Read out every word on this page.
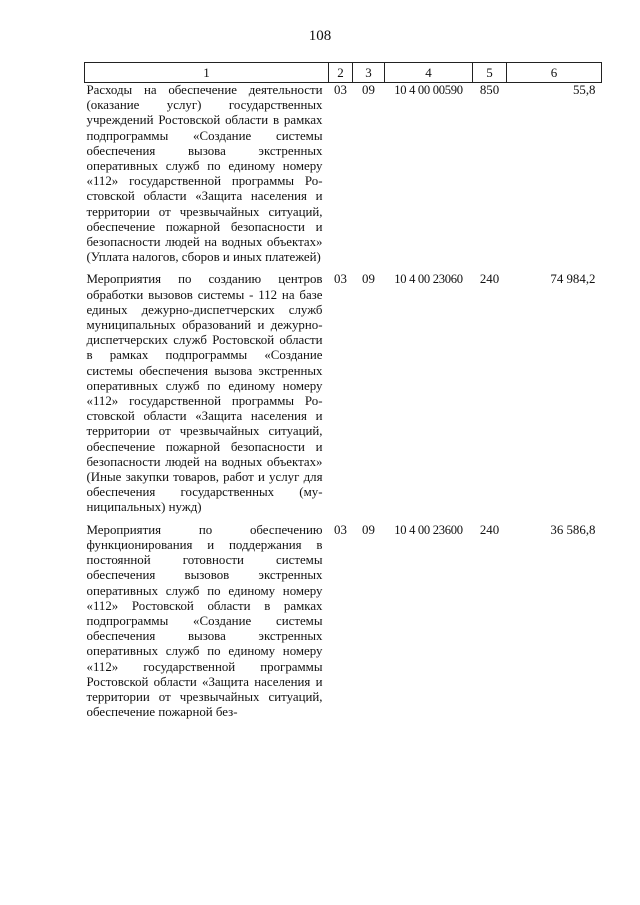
108
1	2	3	4	5	6
Расходы на обеспечение деятельности (оказание услуг) государственных учреждений Ростовской области в рамках подпрограммы «Создание системы обеспечения вызова экстренных оперативных служб по единому номеру «112» государственной программы Ростовской области «Защита населения и территории от чрезвычайных ситуаций, обеспечение пожарной безопасности и безопасности людей на водных объектах» (Уплата налогов, сборов и иных платежей)	03	09	10 4 00 00590	850	55,8
Мероприятия по созданию центров обработки вызовов системы - 112 на базе единых дежурно-диспетчерских служб муниципальных образований и дежурно-диспетчерских служб Ростовской области в рамках подпрограммы «Создание системы обеспечения вызова экстренных оперативных служб по единому номеру «112» государственной программы Ростовской области «Защита населения и территории от чрезвычайных ситуаций, обеспечение пожарной безопасности и безопасности людей на водных объектах» (Иные закупки товаров, работ и услуг для обеспечения государственных (муниципальных) нужд)	03	09	10 4 00 23060	240	74 984,2
Мероприятия по обеспечению функционирования и поддержания в постоянной готовности системы обеспечения вызовов экстренных оперативных служб по единому номеру «112» Ростовской области в рамках подпрограммы «Создание системы обеспечения вызова экстренных оперативных служб по единому номеру «112» государственной программы Ростовской области «Защита населения и территории от чрезвычайных ситуаций, обеспечение пожарной без-	03	09	10 4 00 23600	240	36 586,8
